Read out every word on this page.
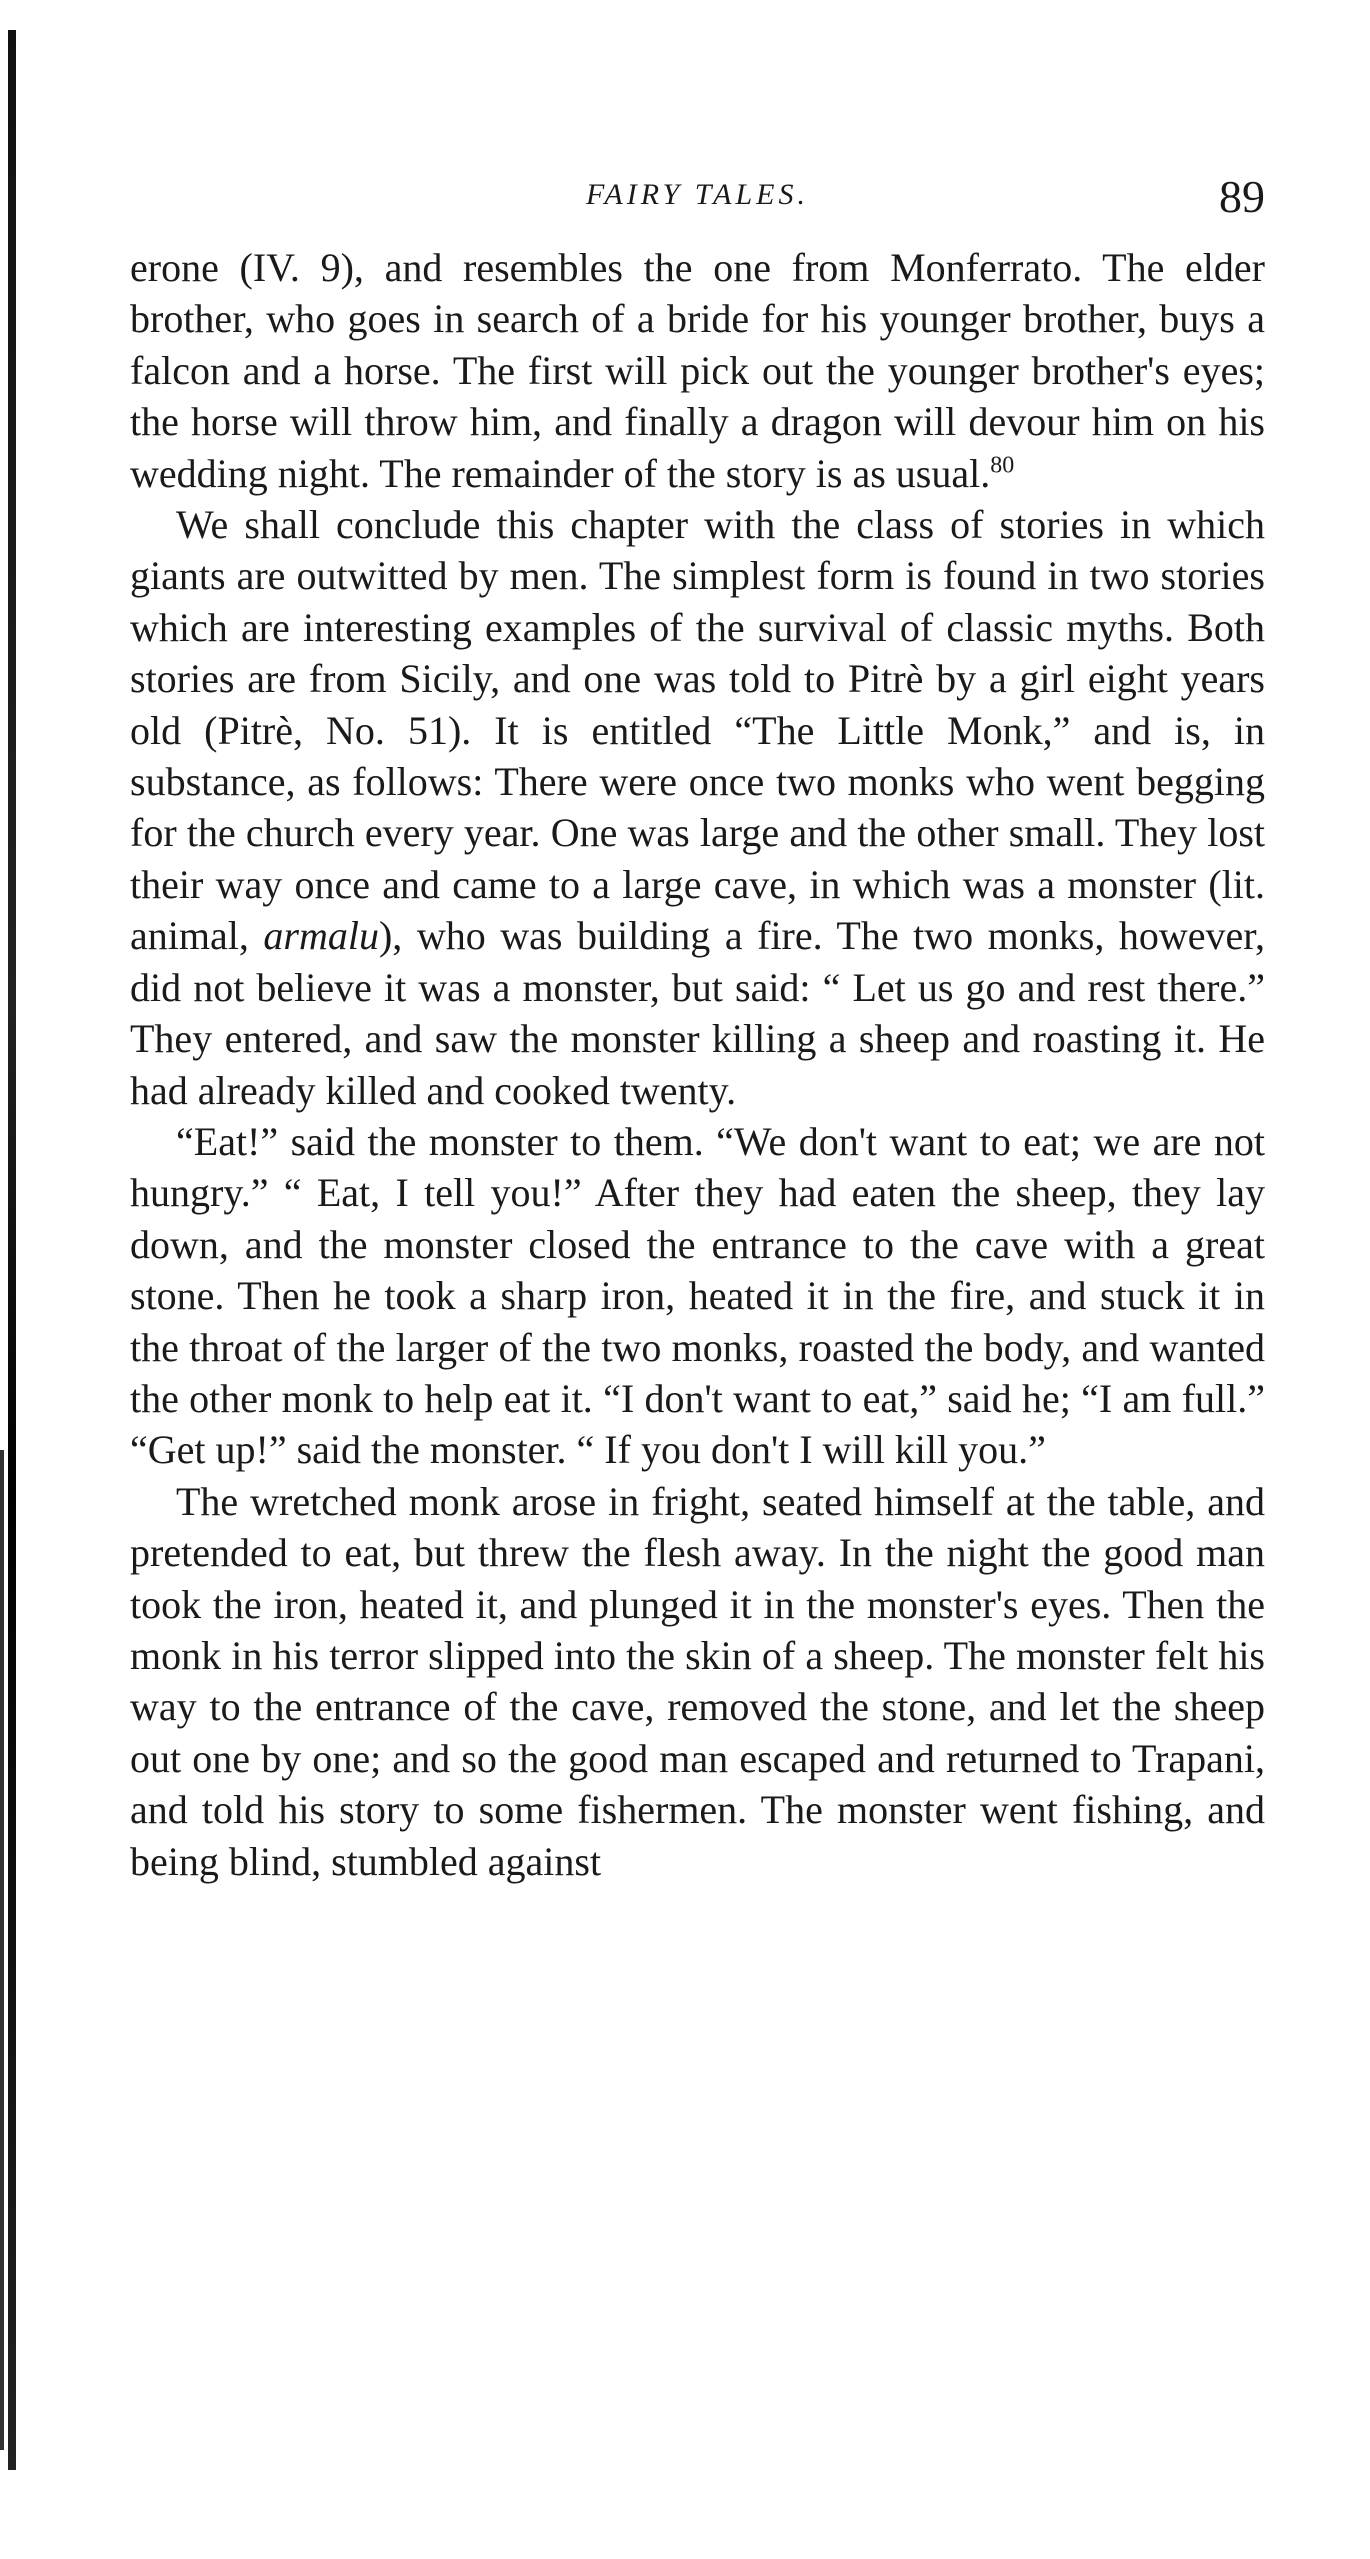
FAIRY TALES.	89

erone (IV. 9), and resembles the one from Monferrato. The elder brother, who goes in search of a bride for his younger brother, buys a falcon and a horse. The first will pick out the younger brother's eyes; the horse will throw him, and finally a dragon will devour him on his wedding night. The remainder of the story is as usual.$^{80}$

We shall conclude this chapter with the class of stories in which giants are outwitted by men. The simplest form is found in two stories which are interesting examples of the survival of classic myths. Both stories are from Sicily, and one was told to Pitrè by a girl eight years old (Pitrè, No. 51). It is entitled “The Little Monk,” and is, in substance, as follows: There were once two monks who went begging for the church every year. One was large and the other small. They lost their way once and came to a large cave, in which was a monster (lit. animal, armalu), who was building a fire. The two monks, however, did not believe it was a monster, but said: “ Let us go and rest there.” They entered, and saw the monster killing a sheep and roasting it. He had already killed and cooked twenty.

“Eat!” said the monster to them. “We don't want to eat; we are not hungry.” “ Eat, I tell you!” After they had eaten the sheep, they lay down, and the monster closed the entrance to the cave with a great stone. Then he took a sharp iron, heated it in the fire, and stuck it in the throat of the larger of the two monks, roasted the body, and wanted the other monk to help eat it. “I don't want to eat,” said he; “I am full.” “Get up!” said the monster. “ If you don't I will kill you.”

The wretched monk arose in fright, seated himself at the table, and pretended to eat, but threw the flesh away. In the night the good man took the iron, heated it, and plunged it in the monster's eyes. Then the monk in his terror slipped into the skin of a sheep. The monster felt his way to the entrance of the cave, removed the stone, and let the sheep out one by one; and so the good man escaped and returned to Trapani, and told his story to some fishermen. The monster went fishing, and being blind, stumbled against
